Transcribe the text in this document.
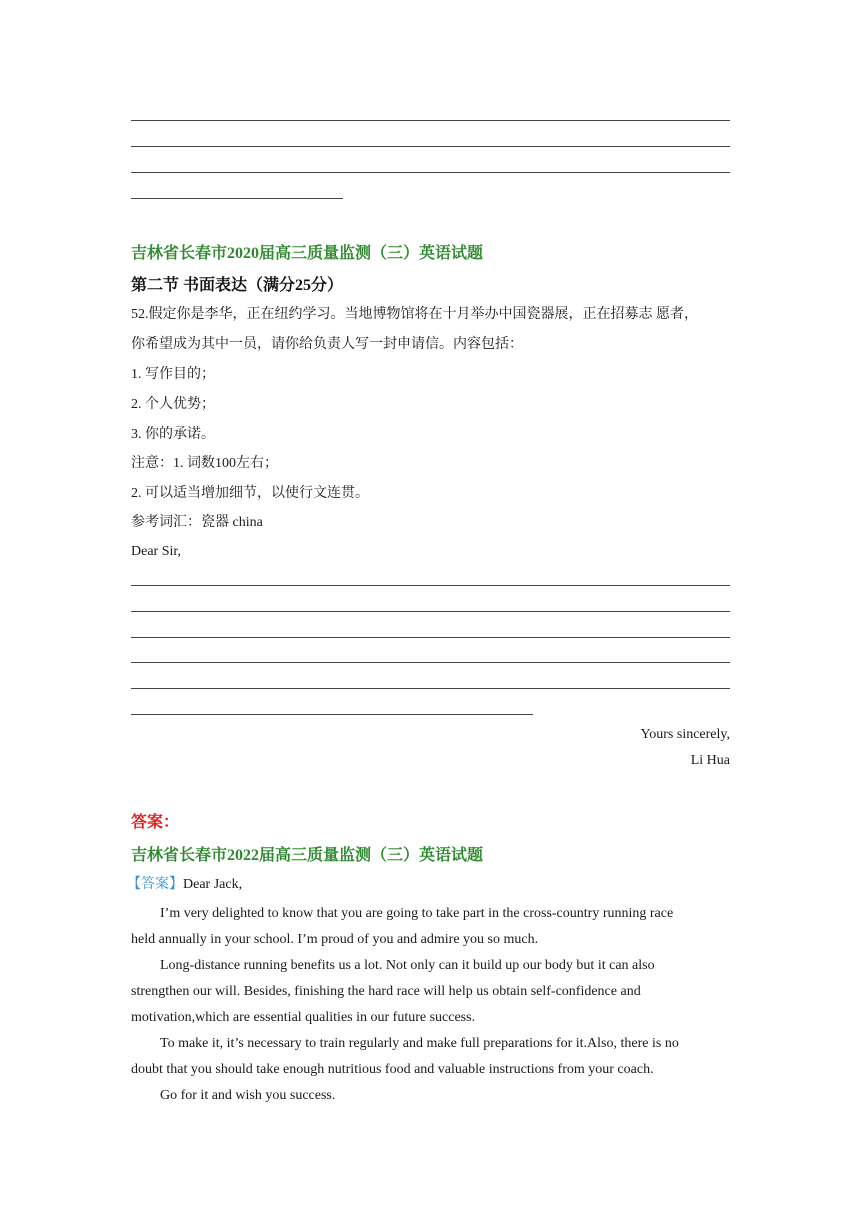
吉林省长春市2020届高三质量监测（三）英语试题
第二节 书面表达（满分25分）
52.假定你是李华，正在纽约学习。当地博物馆将在十月举办中国瓷器展，正在招募志 愿者，
你希望成为其中一员，请你给负责人写一封申请信。内容包括：
1. 写作目的；
2. 个人优势；
3. 你的承诺。
注意：1. 词数100左右；
2. 可以适当增加细节，以使行文连贯。
参考词汇：瓷器 china
Dear Sir,
Yours sincerely,
Li Hua
答案：
吉林省长春市2022届高三质量监测（三）英语试题
【答案】Dear Jack,
I’m very delighted to know that you are going to take part in the cross-country running race
held annually in your school. I’m proud of you and admire you so much.
Long-distance running benefits us a lot. Not only can it build up our body but it can also
strengthen our will. Besides, finishing the hard race will help us obtain self-confidence and
motivation,which are essential qualities in our future success.
To make it, it’s necessary to train regularly and make full preparations for it.Also, there is no
doubt that you should take enough nutritious food and valuable instructions from your coach.
Go for it and wish you success.
